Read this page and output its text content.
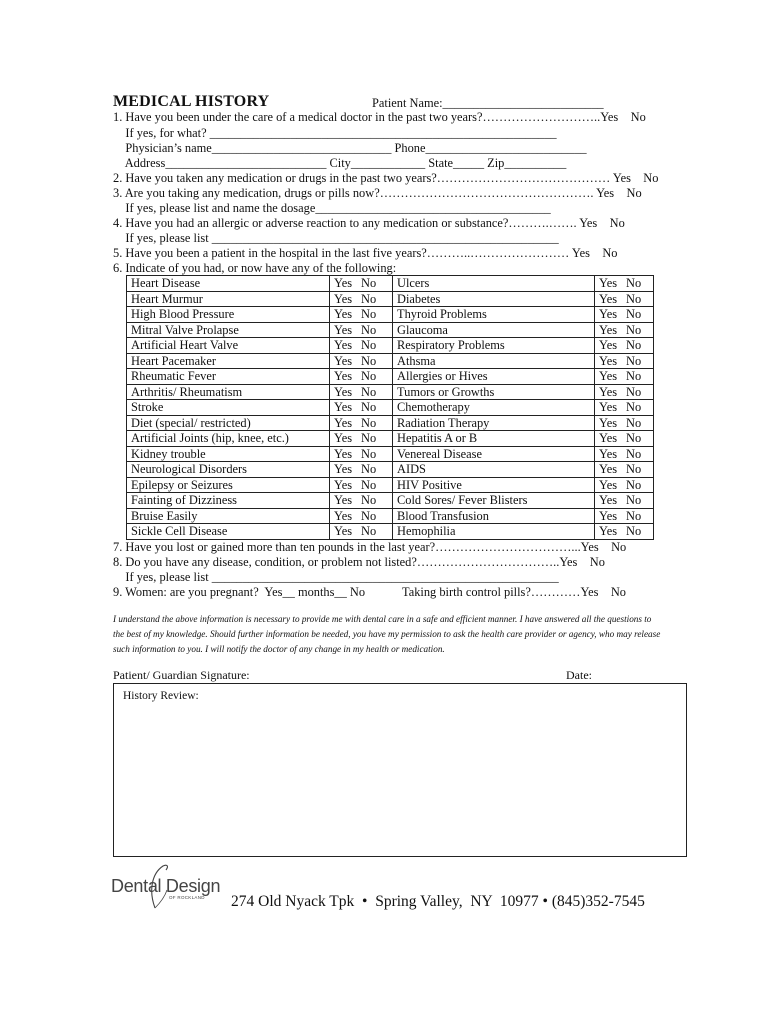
MEDICAL HISTORY	Patient Name:__________________________
1. Have you been under the care of a medical doctor in the past two years?………………………..Yes    No
If yes, for what? ________________________________________________________
Physician’s name_____________________________ Phone__________________________
Address__________________________ City____________ State_____ Zip__________
2. Have you taken any medication or drugs in the past two years?…………………………………… Yes    No
3. Are you taking any medication, drugs or pills now?……………………………………………. Yes    No
If yes, please list and name the dosage______________________________________
4. Have you had an allergic or adverse reaction to any medication or substance?……….……. Yes    No
If yes, please list ________________________________________________________
5. Have you been a patient in the hospital in the last five years?………..…………………… Yes    No
6. Indicate of you had, or now have any of the following:
Heart Disease	Yes No	Ulcers	Yes No
Heart Murmur	Yes No	Diabetes	Yes No
High Blood Pressure	Yes No	Thyroid Problems	Yes No
Mitral Valve Prolapse	Yes No	Glaucoma	Yes No
Artificial Heart Valve	Yes No	Respiratory Problems	Yes No
Heart Pacemaker	Yes No	Athsma	Yes No
Rheumatic Fever	Yes No	Allergies or Hives	Yes No
Arthritis/ Rheumatism	Yes No	Tumors or Growths	Yes No
Stroke	Yes No	Chemotherapy	Yes No
Diet (special/ restricted)	Yes No	Radiation Therapy	Yes No
Artificial Joints (hip, knee, etc.)	Yes No	Hepatitis A or B	Yes No
Kidney trouble	Yes No	Venereal Disease	Yes No
Neurological Disorders	Yes No	AIDS	Yes No
Epilepsy or Seizures	Yes No	HIV Positive	Yes No
Fainting of Dizziness	Yes No	Cold Sores/ Fever Blisters	Yes No
Bruise Easily	Yes No	Blood Transfusion	Yes No
Sickle Cell Disease	Yes No	Hemophilia	Yes No
7. Have you lost or gained more than ten pounds in the last year?……………………………...Yes    No
8. Do you have any disease, condition, or problem not listed?……………………………..Yes    No
If yes, please list ________________________________________________________
9. Women: are you pregnant?  Yes__ months__ No            Taking birth control pills?…………Yes    No
I understand the above information is necessary to provide me with dental care in a safe and efficient manner. I have answered all the questions to the best of my knowledge. Should further information be needed, you have my permission to ask the health care provider or agency, who may release such information to you. I will notify the doctor of any change in my health or medication.
Patient/ Guardian Signature:	Date:
History Review:
Dental Design
OF ROCKLAND 274 Old Nyack Tpk  •  Spring Valley,  NY  10977 • (845)352-7545
